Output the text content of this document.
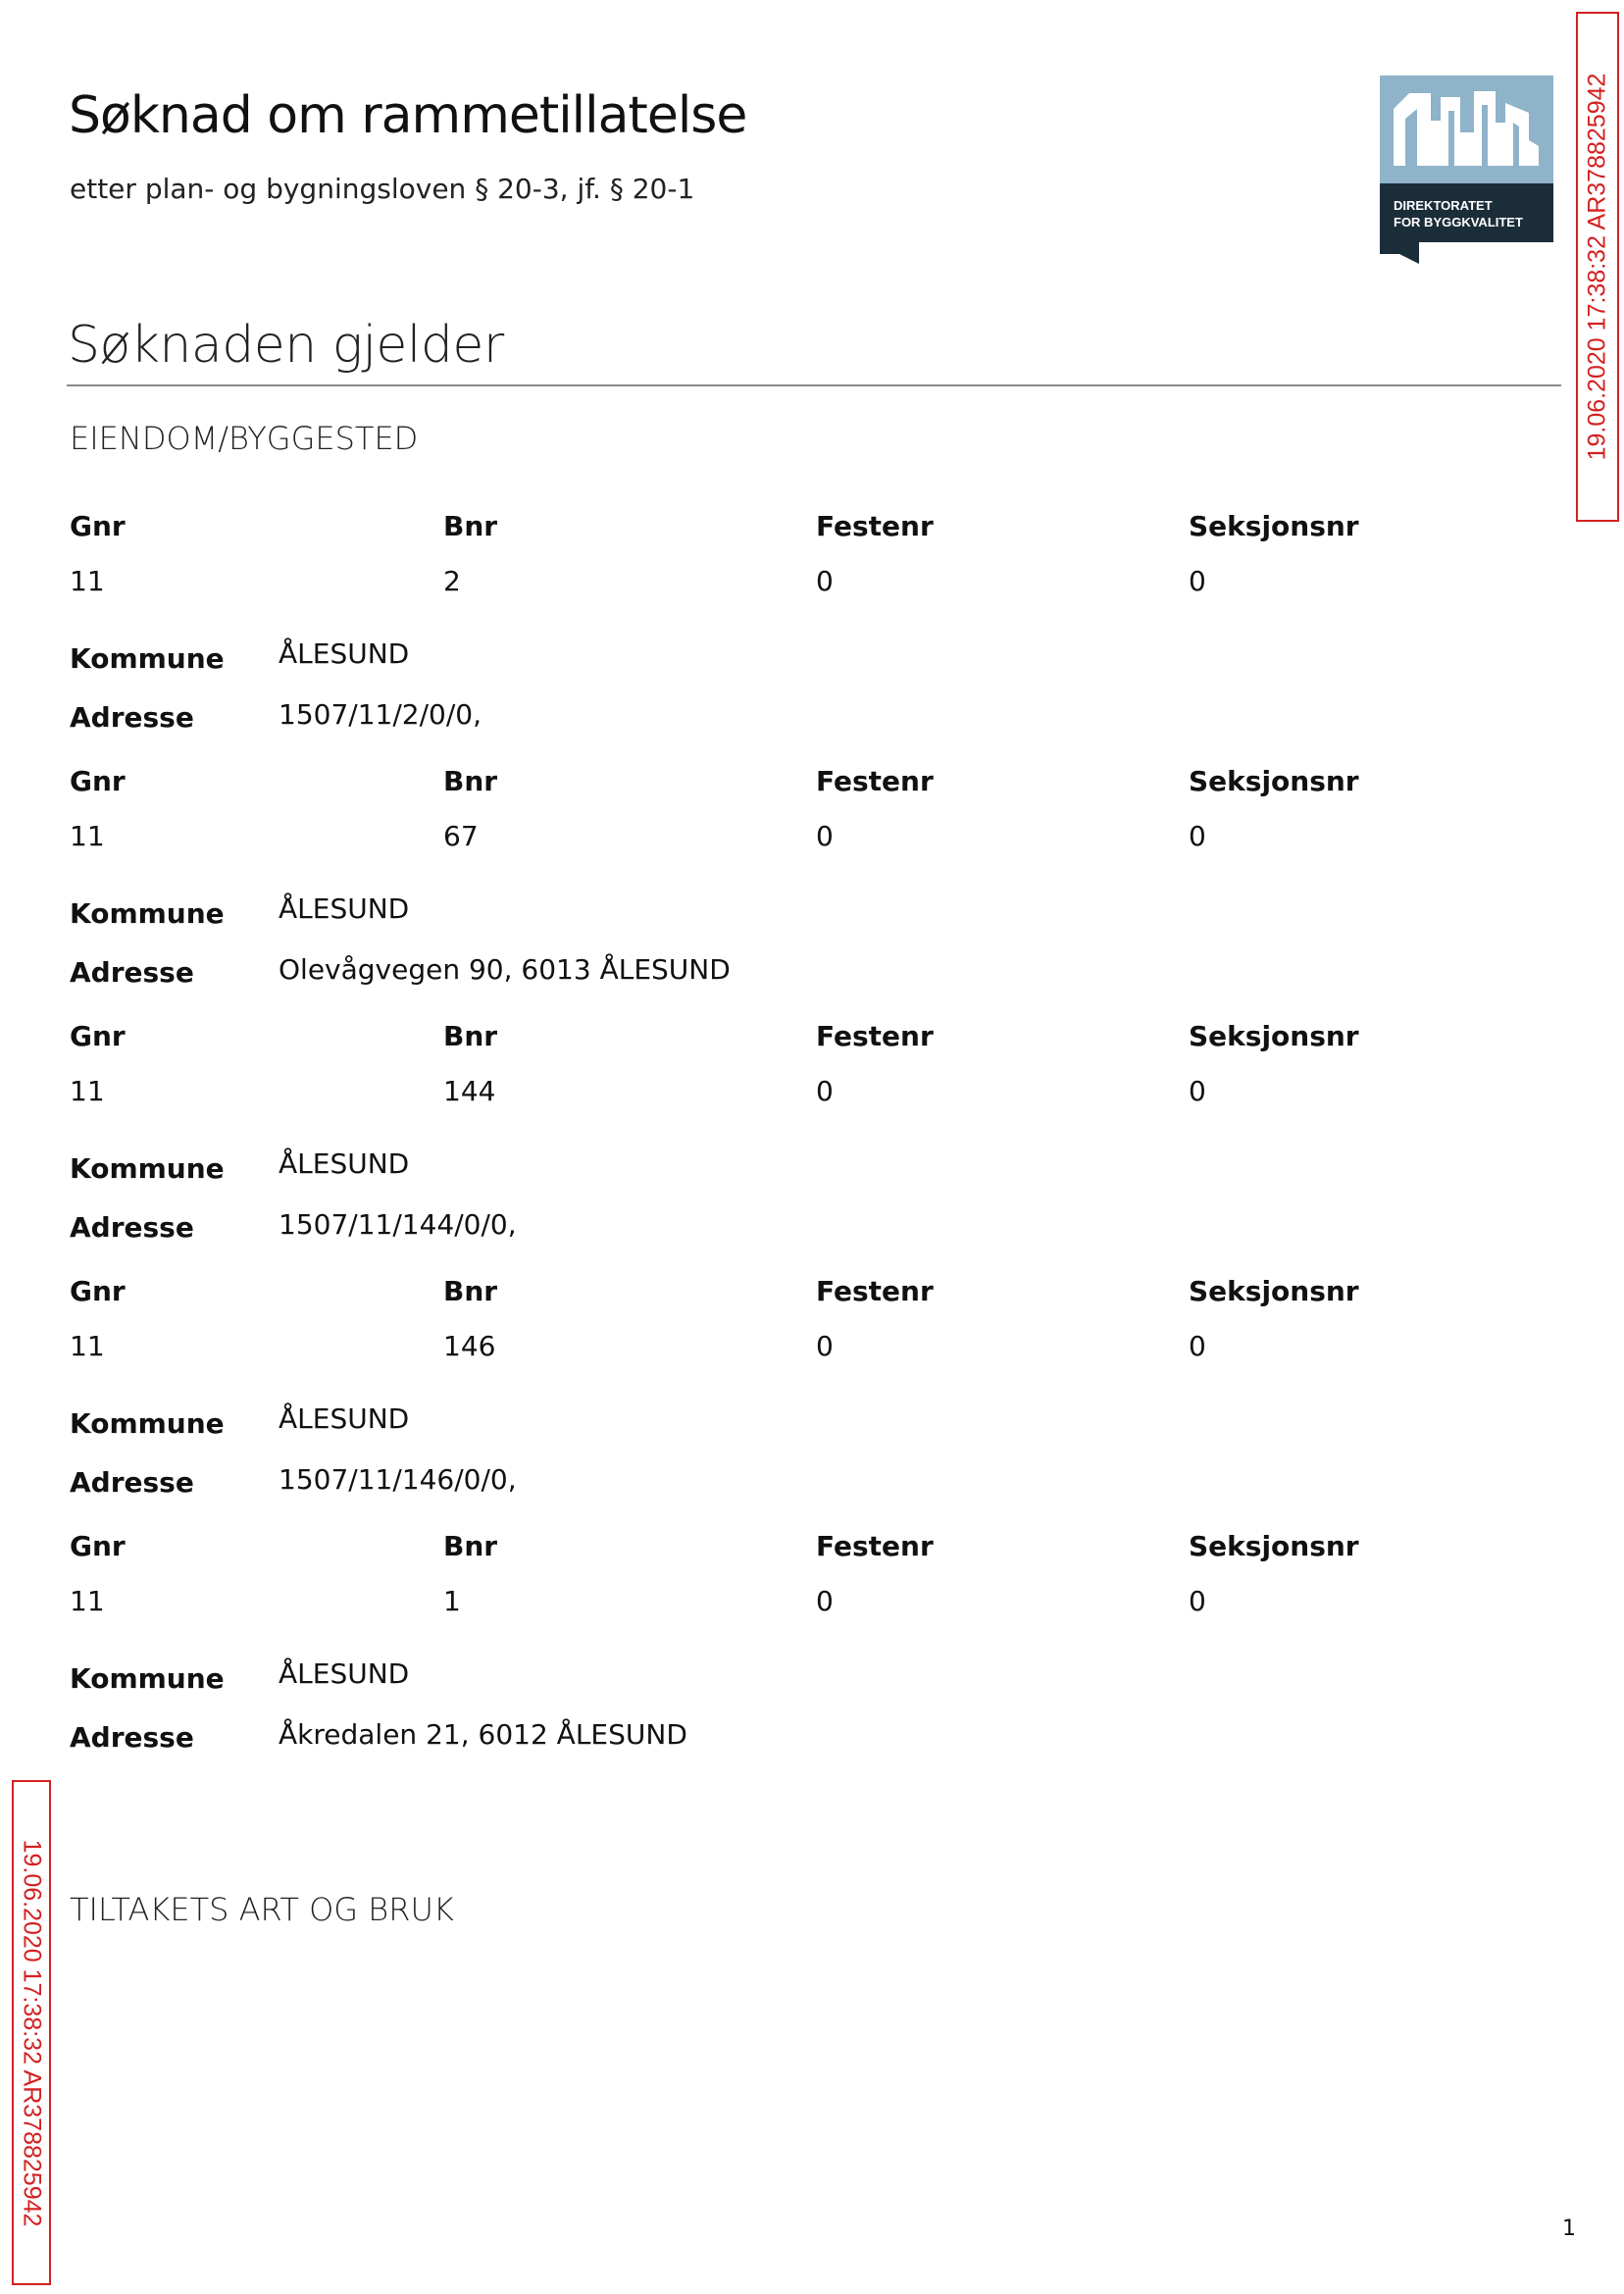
Søknad om rammetillatelse
etter plan- og bygningsloven § 20-3, jf. § 20-1
DIREKTORATET
FOR BYGGKVALITET 19.06.2020 17:38:32 AR378825942
Søknaden gjelder
EIENDOM/BYGGESTED
Gnr	Bnr	Festenr	Seksjonsnr
11	2	0	0
Kommune ÅLESUND
Adresse	1507/11/2/0/0,
Gnr	Bnr	Festenr	Seksjonsnr
11	67	0	0
Kommune ÅLESUND
Adresse	Olevågvegen 90, 6013 ÅLESUND
Gnr	Bnr	Festenr	Seksjonsnr
11	144	0	0
Kommune ÅLESUND
Adresse	1507/11/144/0/0,
Gnr	Bnr	Festenr	Seksjonsnr
11	146	0	0
Kommune ÅLESUND
Adresse	1507/11/146/0/0,
Gnr	Bnr	Festenr	Seksjonsnr
11	1	0	0
Kommune ÅLESUND
Adresse	Åkredalen 21, 6012 ÅLESUND
TILTAKETS ART OG BRUK
19.06.2020 17:38:32 AR378825942
1
